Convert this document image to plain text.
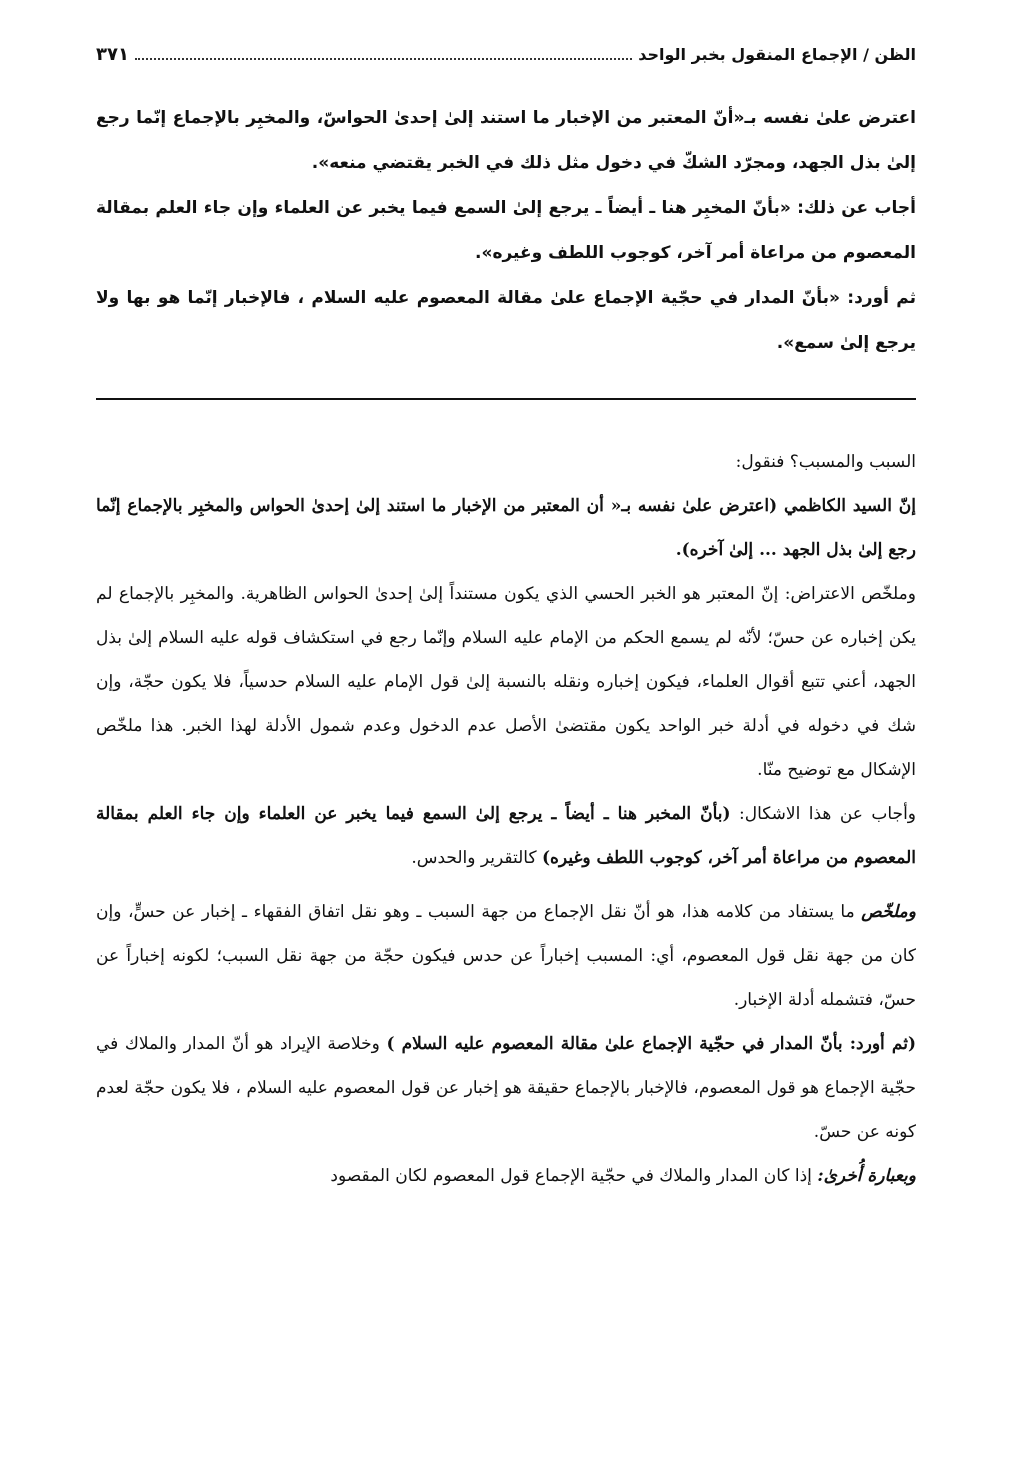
الظن / الإجماع المنقول بخبر الواحد
٣٧١

اعترض علىٰ نفسه بـ«أنّ المعتبر من الإخبار ما استند إلىٰ إحدىٰ الحواسّ، والمخبِر بالإجماع إنّما رجع إلىٰ بذل الجهد، ومجرّد الشكّ في دخول مثل ذلك في الخبر يقتضي منعه».

أجاب عن ذلك: «بأنّ المخبِر هنا ـ أيضاً ـ يرجع إلىٰ السمع فيما يخبر عن العلماء وإن جاء العلم بمقالة المعصوم من مراعاة أمر آخر، كوجوب اللطف وغيره».

ثم أورد: «بأنّ المدار في حجّية الإجماع علىٰ مقالة المعصوم عليه السلام ، فالإخبار إنّما هو بها ولا يرجع إلىٰ سمع».

السبب والمسبب؟ فنقول:

إنّ السيد الكاظمي (اعترض علىٰ نفسه بـ« أن المعتبر من الإخبار ما استند إلىٰ إحدىٰ الحواس والمخبِر بالإجماع إنّما رجع إلىٰ بذل الجهد ... إلىٰ آخره).

وملخّص الاعتراض: إنّ المعتبر هو الخبر الحسي الذي يكون مستنداً إلىٰ إحدىٰ الحواس الظاهرية. والمخبِر بالإجماع لم يكن إخباره عن حسّ؛ لأنّه لم يسمع الحكم من الإمام عليه السلام وإنّما رجع في استكشاف قوله عليه السلام إلىٰ بذل الجهد، أعني تتبع أقوال العلماء، فيكون إخباره ونقله بالنسبة إلىٰ قول الإمام عليه السلام حدسياً، فلا يكون حجّة، وإن شك في دخوله في أدلة خبر الواحد يكون مقتضىٰ الأصل عدم الدخول وعدم شمول الأدلة لهذا الخبر. هذا ملخّص الإشكال مع توضيح منّا.

وأجاب عن هذا الاشكال: (بأنّ المخبر هنا ـ أيضاً ـ يرجع إلىٰ السمع فيما يخبر عن العلماء وإن جاء العلم بمقالة المعصوم من مراعاة أمر آخر، كوجوب اللطف وغيره) كالتقرير والحدس.

وملخّص ما يستفاد من كلامه هذا، هو أنّ نقل الإجماع من جهة السبب ـ وهو نقل اتفاق الفقهاء ـ إخبار عن حسٍّ، وإن كان من جهة نقل قول المعصوم، أي: المسبب إخباراً عن حدس فيكون حجّة من جهة نقل السبب؛ لكونه إخباراً عن حسّ، فتشمله أدلة الإخبار.

(ثم أورد: بأنّ المدار في حجّية الإجماع علىٰ مقالة المعصوم عليه السلام ) وخلاصة الإيراد هو أنّ المدار والملاك في حجّية الإجماع هو قول المعصوم، فالإخبار بالإجماع حقيقة هو إخبار عن قول المعصوم عليه السلام ، فلا يكون حجّة لعدم كونه عن حسّ.

وبعبارة أُخرىٰ: إذا كان المدار والملاك في حجّية الإجماع قول المعصوم لكان المقصود
